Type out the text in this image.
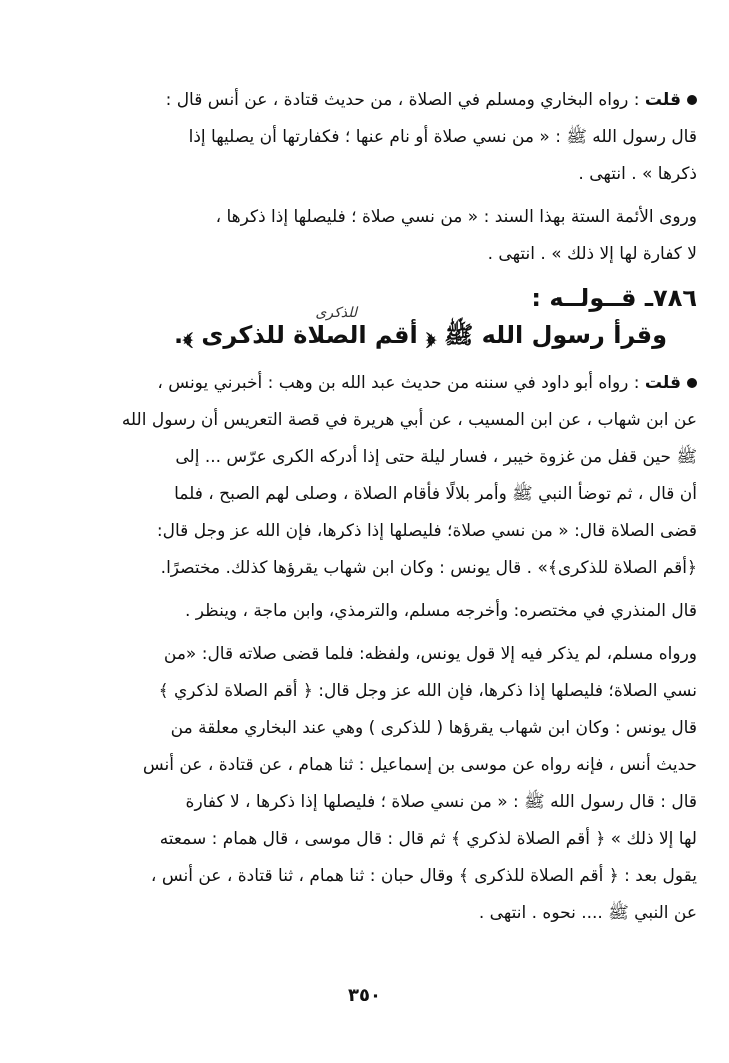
قلت : رواه البخاري ومسلم في الصلاة ، من حديث قتادة ، عن أنس قال :
قال رسول الله ﷺ : « من نسي صلاة أو نام عنها ؛ فكفارتها أن يصليها إذا
ذكرها » . انتهى .
وروى الأئمة الستة بهذا السند : « من نسي صلاة ؛ فليصلها إذا ذكرها ،
لا كفارة لها إلا ذلك » . انتهى .
٧٨٦ـ قــولــه :
للذكرى
وقرأ رسول الله ﷺ ﴿ أقم الصلاة للذكرى ﴾.
قلت : رواه أبو داود في سننه من حديث عبد الله بن وهب : أخبرني يونس ،
عن ابن شهاب ، عن ابن المسيب ، عن أبي هريرة في قصة التعريس أن رسول الله
ﷺ حين قفل من غزوة خيبر ، فسار ليلة حتى إذا أدركه الكرى عرّس ... إلى
أن قال ، ثم توضأ النبي ﷺ وأمر بلالًا فأقام الصلاة ، وصلى لهم الصبح ، فلما
قضى الصلاة قال: « من نسي صلاة؛ فليصلها إذا ذكرها، فإن الله عز وجل قال:
﴿أقم الصلاة للذكرى﴾» . قال يونس : وكان ابن شهاب يقرؤها كذلك. مختصرًا.
قال المنذري في مختصره: وأخرجه مسلم، والترمذي، وابن ماجة ، وينظر .
ورواه مسلم، لم يذكر فيه إلا قول يونس، ولفظه: فلما قضى صلاته قال: «من
نسي الصلاة؛ فليصلها إذا ذكرها، فإن الله عز وجل قال: ﴿ أقم الصلاة لذكري ﴾
قال يونس : وكان ابن شهاب يقرؤها ( للذكرى ) وهي عند البخاري معلقة من
حديث أنس ، فإنه رواه عن موسى بن إسماعيل : ثنا همام ، عن قتادة ، عن أنس
قال : قال رسول الله ﷺ : « من نسي صلاة ؛ فليصلها إذا ذكرها ، لا كفارة
لها إلا ذلك » ﴿ أقم الصلاة لذكري ﴾ ثم قال : قال موسى ، قال همام : سمعته
يقول بعد : ﴿ أقم الصلاة للذكرى ﴾ وقال حبان : ثنا همام ، ثنا قتادة ، عن أنس ،
عن النبي ﷺ .... نحوه . انتهى .
٣٥٠
